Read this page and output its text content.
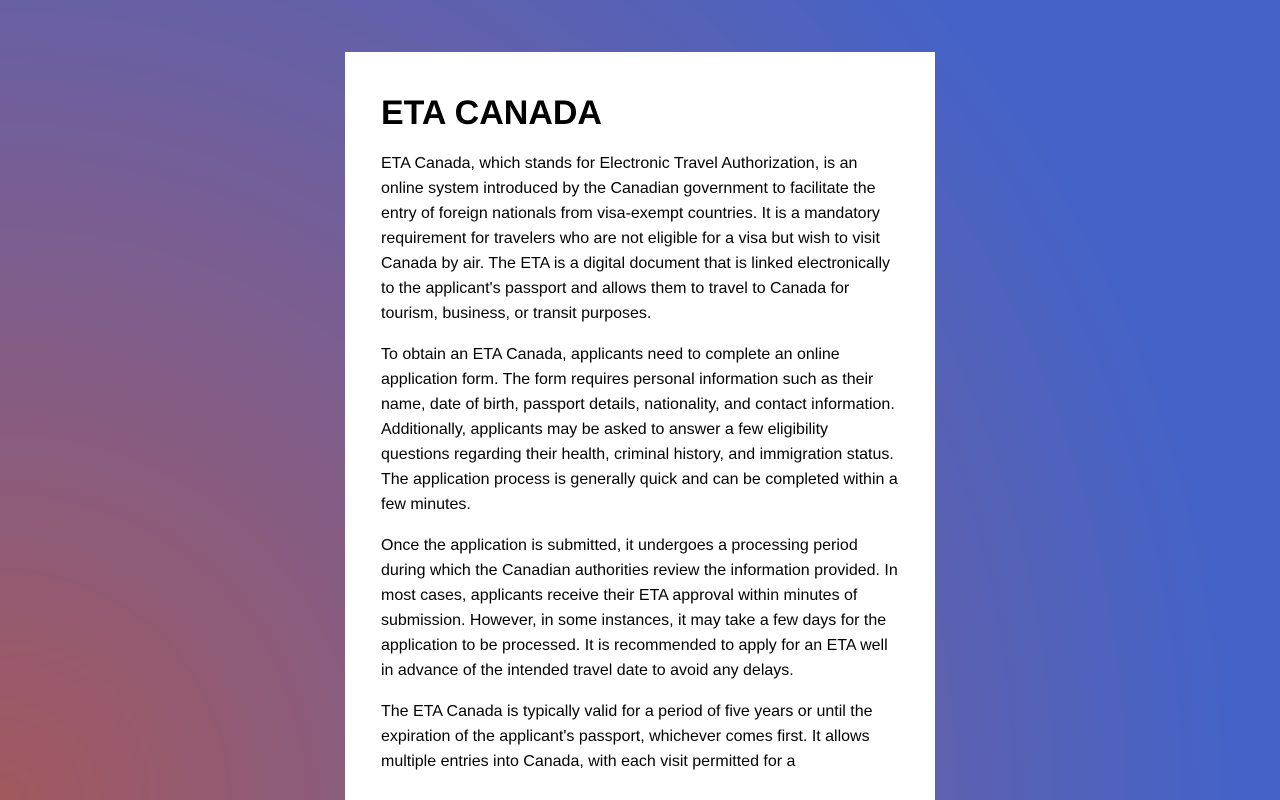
ETA CANADA

ETA Canada, which stands for Electronic Travel Authorization, is an online system introduced by the Canadian government to facilitate the entry of foreign nationals from visa-exempt countries. It is a mandatory requirement for travelers who are not eligible for a visa but wish to visit Canada by air. The ETA is a digital document that is linked electronically to the applicant's passport and allows them to travel to Canada for tourism, business, or transit purposes.

To obtain an ETA Canada, applicants need to complete an online application form. The form requires personal information such as their name, date of birth, passport details, nationality, and contact information. Additionally, applicants may be asked to answer a few eligibility questions regarding their health, criminal history, and immigration status. The application process is generally quick and can be completed within a few minutes.

Once the application is submitted, it undergoes a processing period during which the Canadian authorities review the information provided. In most cases, applicants receive their ETA approval within minutes of submission. However, in some instances, it may take a few days for the application to be processed. It is recommended to apply for an ETA well in advance of the intended travel date to avoid any delays.

The ETA Canada is typically valid for a period of five years or until the expiration of the applicant's passport, whichever comes first. It allows multiple entries into Canada, with each visit permitted for a
